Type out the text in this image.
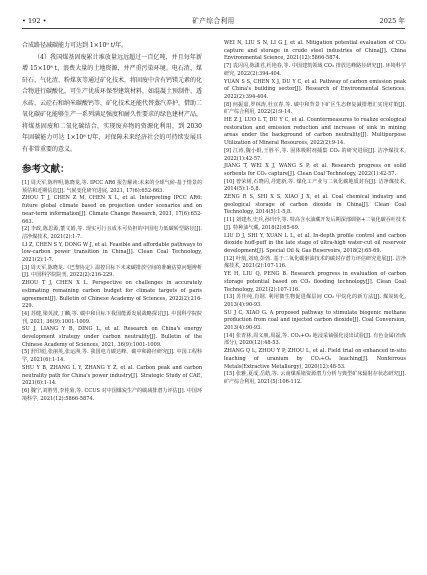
• 192 •	矿产综合利用	2025 年

合成路径减碳能力可达到 1×10⁹ t/年。

（4）我国煤基固废累计堆放量远远超过一百亿吨，并且每年新增 15×10⁸ t，浪费大量的土地资源，并严重污染环境。电石渣、煤矸石、气化渣、粉煤灰等通过矿化技术，将固废中含有钙镁元素的化合物进行碳酸化，可生产优质环保型建筑材料，如混凝土预制件、透水砖、云砼石和纳米碳酸钙等，矿化技术还能代替蒸汽养护，借助二氧化碳矿化能够生产一系列满足强度和耐久性要求的绿色建材产品，将煤基固废和二氧化碳结合，实现废弃物的资源化利用，到 2030 年固碳能力可达 1×10⁸ t/年，对保障未来经济社会的可持续发展具有非常重要的意义。

参考文献：

[1] 周天军,陈梓明,陈晓龙,等. IPCC AR6 报告解读:未来的全球气候-基于情景的预估和近期信息[J]. 气候变化研究进展, 2021, 17(6):652-663.

ZHOU T J, CHEN Z M, CHEN X L, et al. Interpreting IPCC AR6: future global climate based on projection under scenarios and on near-term information[J]. Climate Change Research, 2021, 17(6):652-663.

[2] 李政,陈思源,董文娟,等. 现实可行且成本可负担的中国电力低碳转型路径[J]. 洁净煤技术, 2021(2):1-7.

LI Z, CHEN S Y, DONG W J, et al. Feasible and affordable pathways to low-carbon power transition in China[J]. Clean Coal Technology, 2021(2):1-7.

[3] 周天军,陈晓龙.《巴黎协定》温控目标下未来碳排放空间的准确估算问题辨析[J]. 中国科学院院刊, 2022(2):216-229.

ZHOU T J, CHEN X L. Perspective on challenges in accurately estimating remaining carbon budget for climate targets of paris agreement[J]. Bulletin of Chinese Academy of Sciences, 2022(2):216-229.

[4] 苏健,梁英波,丁麟,等. 碳中和目标下我国能源发展战略探讨[J]. 中国科学院院刊, 2021, 36(9):1001-1009.

SU J, LIANG Y B, DING L, et al. Research on China's energy development strategy under carbon neutrality[J]. Bulletin of the Chinese Academy of Sciences, 2021, 36(9):1001-1009.

[5] 舒印彪,张丽英,张运洲,等. 我国电力碳达峰、碳中和路径研究[J]. 中国工程科学, 2021(6):1-14.

SHU Y B, ZHANG L Y, ZHANG Y Z, et al. Carbon peak and carbon neutrality path for China's power industry[J]. Strategic Study of CAE, 2021(6):1-14.

[6] 魏宁,刘胜男,李桂菊,等. CCUS 对中国煤炭生产的碳减排潜力评估[J]. 中国环境科学, 2021(12):5866-5874.

WEI N, LIU S N, LI G J, et al. Mitigation potential evaluation of CO₂ capture and storage in crude steel industries of China[J]. China Environmental Science, 2021(12):5866-5874.

[7] 袁闪闪,陈潇君,杜艳春,等. 中国建筑领域 CO₂ 排放达峰路径研究[J]. 环境科学研究, 2022(2):394-404.

YUAN S S, CHEN X J, DU Y C, et al. Pathway of carbon emission peak of China's building sector[J]. Research of Environmental Sciences, 2022(2):394-404.

[8] 何振嘉,罗林涛,杜宜春,等. 碳中和背景下矿区生态修复减排增汇实现对策[J]. 矿产综合利用, 2022(2):9-14.

HE Z J, LUO L T, DU Y C, et al. Countermeasures to realize ecological restoration and emission reduction and increase of sink in mining areas under the background of carbon neutrality[J]. Multipurpose Utilization of Mineral Resources, 2022(2):9-14.

[9] 江涛,魏小娟,王胜平,等. 固体吸附剂捕集 CO₂ 的研究进展[J]. 洁净煤技术, 2022(1):42-57.

JIANG T, WEI X J, WANG S P, et al. Research progress on solid sorbents for CO₂ capture[J]. Clean Coal Technology, 2022(1):42-57.

[10] 曾荣树,石晓闪,丹建新,等. 煤化工产业与二氧化碳地质封存[J]. 洁净煤技术, 2014(5):1-5,8.

ZENG R S, SHI X S, XIAO J X, et al. Coal chemical industry and geological storage of carbon dioxide in China[J]. Clean Coal Technology, 2014(5):1-5,8.

[11] 刘建杰,史兵,孙玲玲,等. 特高含水油藏开发后期深部调驱+二氧化碳吞吐技术[J]. 特种油气藏, 2018(2):65-69.

LIU D J, SHI Y, XUAN L L, et al. In-depth profile control and carbon dioxide huff-puff in the late stage of ultra-high water-cut oil reservoir development[J]. Special Oil & Gas Reservoirs, 2018(2):65-69.

[12] 叶航,刘琦,彭勃. 基于二氧化碳驱油技术的碳封存潜力评估研究进展[J]. 洁净煤技术, 2021(2):107-116.

YE H, LIU Q, PENG B. Research progress in evaluation of carbon storage potential based on CO₂ flooding technology[J]. Clean Coal Technology, 2021(2):107-116.

[13] 苏佳纯,肖钢. 利用微生物促进煤层间 CO₂ 甲烷化的新方法[J]. 煤炭转化, 2013(4):90-93.

SU J C, XIAO G. A proposed pathway to stimulate biogenic methane production from coal and injected carbon dioxide[J]. Coal Conversion, 2013(4):90-93.

[14] 张青林,周义朋,周磊,等. CO₂+O₂ 地浸采铀强化浸出试验[J]. 有色金属(冶炼部分), 2020(12):48-53.

ZHANG Q L, ZHOU Y P, ZHOU L, et al. Field trial on enhanced in-situ leaching of uranium by CO₂+O₂ leaching[J]. Nonferrous Metals(Extractive Metallurgy), 2020(12):48-53.

[15] 张雅,夏成,岳皓,等. 云南煤系锗资源潜力分析与典型矿床辐射存状态研究[J]. 矿产综合利用, 2021(5):106-112.
